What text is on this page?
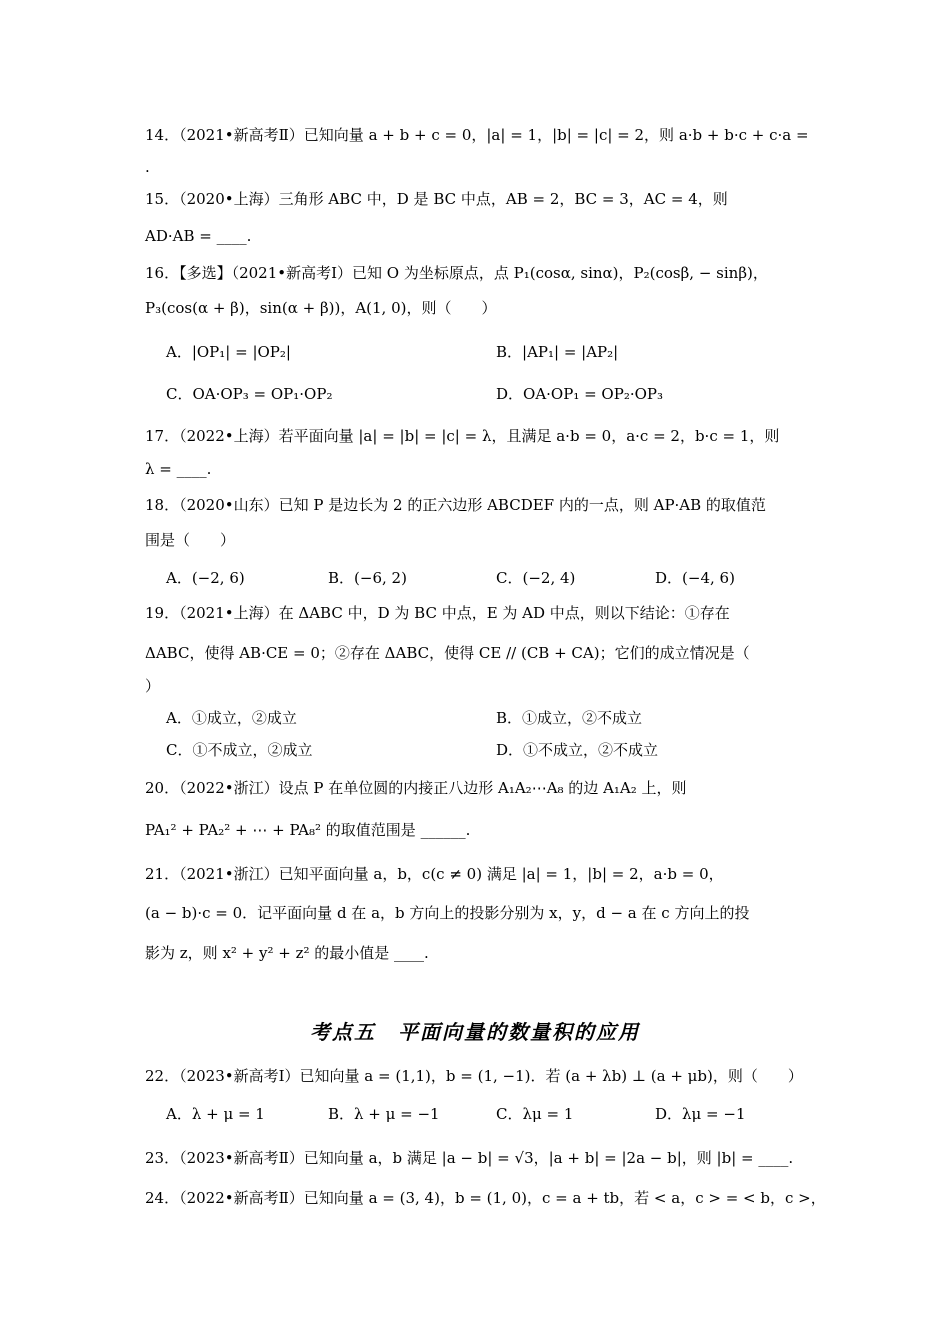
14．（2021•新高考Ⅱ）已知向量 a + b + c = 0，|a| = 1，|b| = |c| = 2，则 a·b + b·c + c·a =
.
15．（2020•上海）三角形 ABC 中，D 是 BC 中点，AB = 2，BC = 3，AC = 4，则
AD·AB = ____.
16．【多选】（2021•新高考Ⅰ）已知 O 为坐标原点，点 P₁(cosα, sinα)，P₂(cosβ, − sinβ)，
P₃(cos(α + β)，sin(α + β))，A(1, 0)，则（　　）
A．|OP₁| = |OP₂|	B．|AP₁| = |AP₂|
C．OA·OP₃ = OP₁·OP₂	D．OA·OP₁ = OP₂·OP₃
17．（2022•上海）若平面向量 |a| = |b| = |c| = λ，且满足 a·b = 0，a·c = 2，b·c = 1，则
λ = ____.
18．（2020•山东）已知 P 是边长为 2 的正六边形 ABCDEF 内的一点，则 AP·AB 的取值范
围是（　　）
A．(−2, 6)	B．(−6, 2)	C．(−2, 4)	D．(−4, 6)
19．（2021•上海）在 ΔABC 中，D 为 BC 中点，E 为 AD 中点，则以下结论：①存在
ΔABC，使得 AB·CE = 0；②存在 ΔABC，使得 CE // (CB + CA)；它们的成立情况是（
）
A．①成立，②成立	B．①成立，②不成立
C．①不成立，②成立	D．①不成立，②不成立
20．（2022•浙江）设点 P 在单位圆的内接正八边形 A₁A₂⋯A₈ 的边 A₁A₂ 上，则
PA₁² + PA₂² + ⋯ + PA₈² 的取值范围是 ______.
21．（2021•浙江）已知平面向量 a，b，c(c ≠ 0) 满足 |a| = 1，|b| = 2，a·b = 0，
(a − b)·c = 0．记平面向量 d 在 a，b 方向上的投影分别为 x，y，d − a 在 c 方向上的投
影为 z，则 x² + y² + z² 的最小值是 ____.
考点五　平面向量的数量积的应用
22．（2023•新高考Ⅰ）已知向量 a = (1,1)，b = (1, −1)．若 (a + λb) ⊥ (a + μb)，则（　　）
A．λ + μ = 1	B．λ + μ = −1	C．λμ = 1	D．λμ = −1
23．（2023•新高考Ⅱ）已知向量 a，b 满足 |a − b| = √3，|a + b| = |2a − b|，则 |b| = ____.
24．（2022•新高考Ⅱ）已知向量 a = (3, 4)，b = (1, 0)，c = a + tb，若 < a，c > = < b，c >，
